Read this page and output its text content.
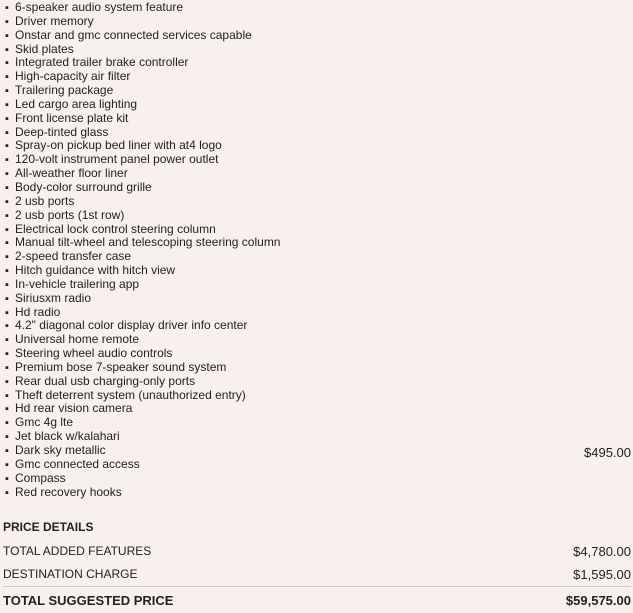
▪ 6-speaker audio system feature
▪ Driver memory
▪ Onstar and gmc connected services capable
▪ Skid plates
▪ Integrated trailer brake controller
▪ High-capacity air filter
▪ Trailering package
▪ Led cargo area lighting
▪ Front license plate kit
▪ Deep-tinted glass
▪ Spray-on pickup bed liner with at4 logo
▪ 120-volt instrument panel power outlet
▪ All-weather floor liner
▪ Body-color surround grille
▪ 2 usb ports
▪ 2 usb ports (1st row)
▪ Electrical lock control steering column
▪ Manual tilt-wheel and telescoping steering column
▪ 2-speed transfer case
▪ Hitch guidance with hitch view
▪ In-vehicle trailering app
▪ Siriusxm radio
▪ Hd radio
▪ 4.2" diagonal color display driver info center
▪ Universal home remote
▪ Steering wheel audio controls
▪ Premium bose 7-speaker sound system
▪ Rear dual usb charging-only ports
▪ Theft deterrent system (unauthorized entry)
▪ Hd rear vision camera
▪ Gmc 4g lte
▪ Jet black w/kalahari
▪ Dark sky metallic	$495.00
▪ Gmc connected access
▪ Compass
▪ Red recovery hooks
PRICE DETAILS
TOTAL ADDED FEATURES	$4,780.00
DESTINATION CHARGE	$1,595.00
TOTAL SUGGESTED PRICE	$59,575.00
